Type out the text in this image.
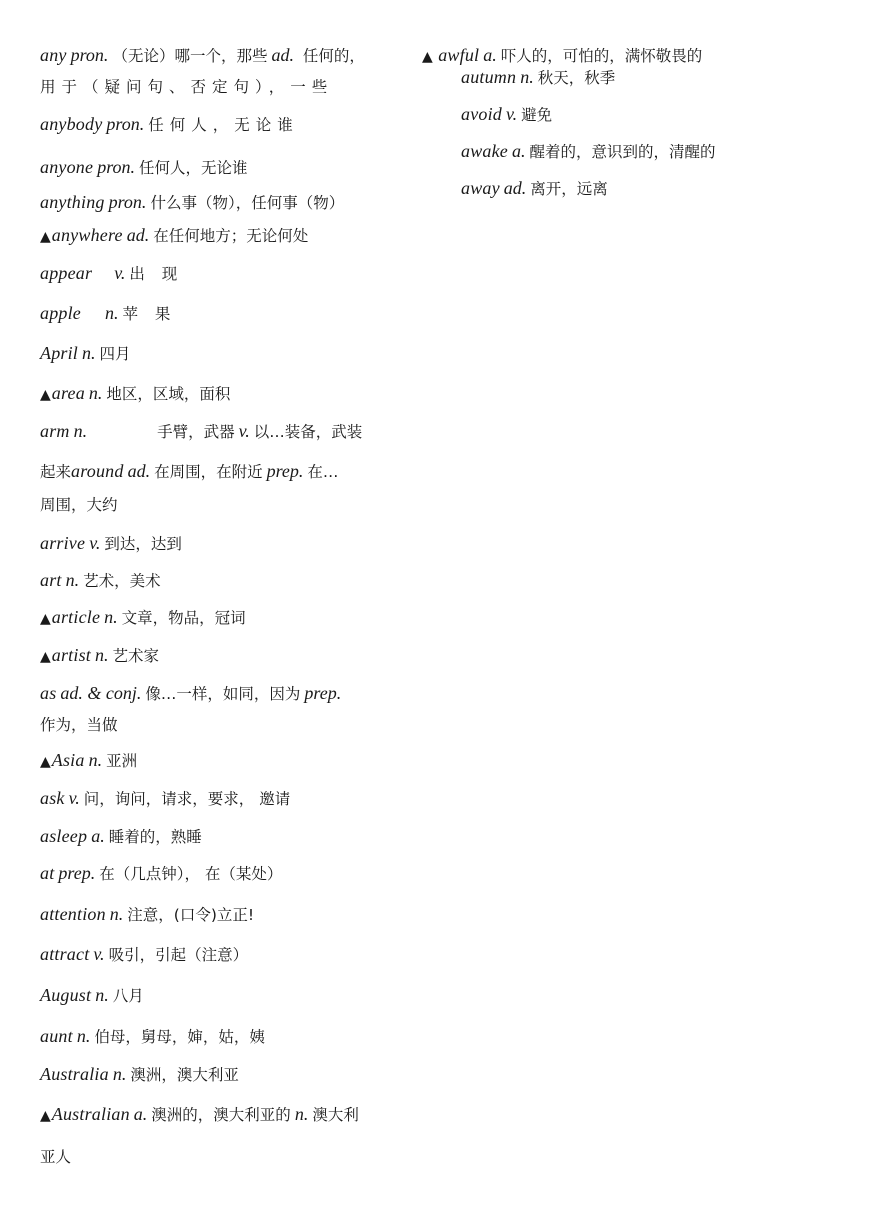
any pron. （无论）哪一个，那些 ad. 任何的，
用于（疑问句、否定句），一些
anybody pron. 任何人，无论谁
anyone pron. 任何人，无论谁
anything pron. 什么事（物），任何事（物）
▲anywhere ad. 在任何地方；无论何处
appear v. 出 现
apple n. 苹 果
April n. 四月
▲area n. 地区，区域，面积
arm n.	手臂，武器 v. 以…装备，武装
起来around ad. 在周围，在附近 prep. 在…
周围，大约
arrive v. 到达，达到
art n. 艺术，美术
▲article n. 文章，物品，冠词
▲artist n. 艺术家
as ad. & conj. 像…一样，如同，因为 prep.
作为，当做
▲Asia n. 亚洲
ask v. 问，询问，请求，要求， 邀请
asleep a. 睡着的，熟睡
at prep. 在（几点钟）， 在（某处）
attention n. 注意，(口令)立正!
attract v. 吸引，引起（注意）
August n. 八月
aunt n. 伯母，舅母，婶，姑，姨
Australia n. 澳洲，澳大利亚
▲Australian a. 澳洲的，澳大利亚的 n. 澳大利
亚人
▲ awful a. 吓人的，可怕的，满怀敬畏的
autumn n. 秋天，秋季
avoid v. 避免
awake a. 醒着的，意识到的，清醒的
away ad. 离开，远离
